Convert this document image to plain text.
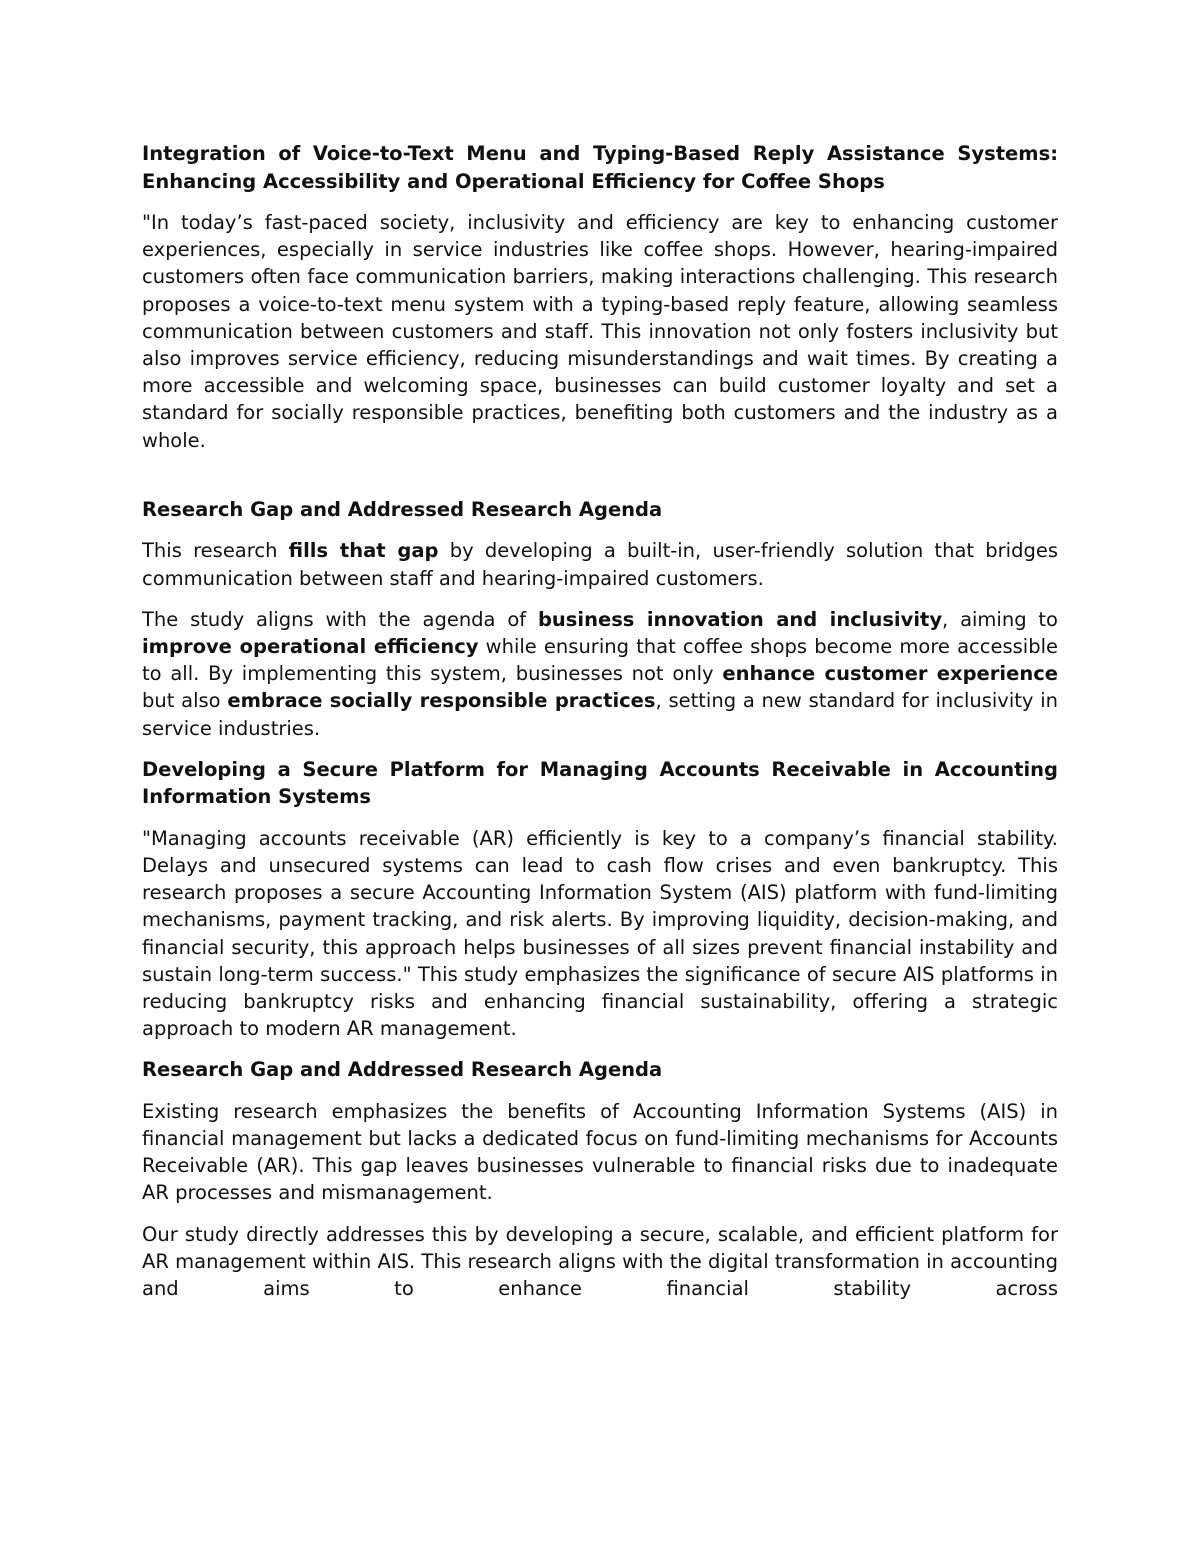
Integration of Voice-to-Text Menu and Typing-Based Reply Assistance Systems: Enhancing Accessibility and Operational Efficiency for Coffee Shops

"In today’s fast-paced society, inclusivity and efficiency are key to enhancing customer experiences, especially in service industries like coffee shops. However, hearing-impaired customers often face communication barriers, making interactions challenging. This research proposes a voice-to-text menu system with a typing-based reply feature, allowing seamless communication between customers and staff. This innovation not only fosters inclusivity but also improves service efficiency, reducing misunderstandings and wait times. By creating a more accessible and welcoming space, businesses can build customer loyalty and set a standard for socially responsible practices, benefiting both customers and the industry as a whole.

Research Gap and Addressed Research Agenda

This research fills that gap by developing a built-in, user-friendly solution that bridges communication between staff and hearing-impaired customers.

The study aligns with the agenda of business innovation and inclusivity, aiming to improve operational efficiency while ensuring that coffee shops become more accessible to all. By implementing this system, businesses not only enhance customer experience but also embrace socially responsible practices, setting a new standard for inclusivity in service industries.

Developing a Secure Platform for Managing Accounts Receivable in Accounting Information Systems

"Managing accounts receivable (AR) efficiently is key to a company’s financial stability. Delays and unsecured systems can lead to cash flow crises and even bankruptcy. This research proposes a secure Accounting Information System (AIS) platform with fund-limiting mechanisms, payment tracking, and risk alerts. By improving liquidity, decision-making, and financial security, this approach helps businesses of all sizes prevent financial instability and sustain long-term success." This study emphasizes the significance of secure AIS platforms in reducing bankruptcy risks and enhancing financial sustainability, offering a strategic approach to modern AR management.

Research Gap and Addressed Research Agenda

Existing research emphasizes the benefits of Accounting Information Systems (AIS) in financial management but lacks a dedicated focus on fund-limiting mechanisms for Accounts Receivable (AR). This gap leaves businesses vulnerable to financial risks due to inadequate AR processes and mismanagement.

Our study directly addresses this by developing a secure, scalable, and efficient platform for AR management within AIS. This research aligns with the digital transformation in accounting and aims to enhance financial stability across
